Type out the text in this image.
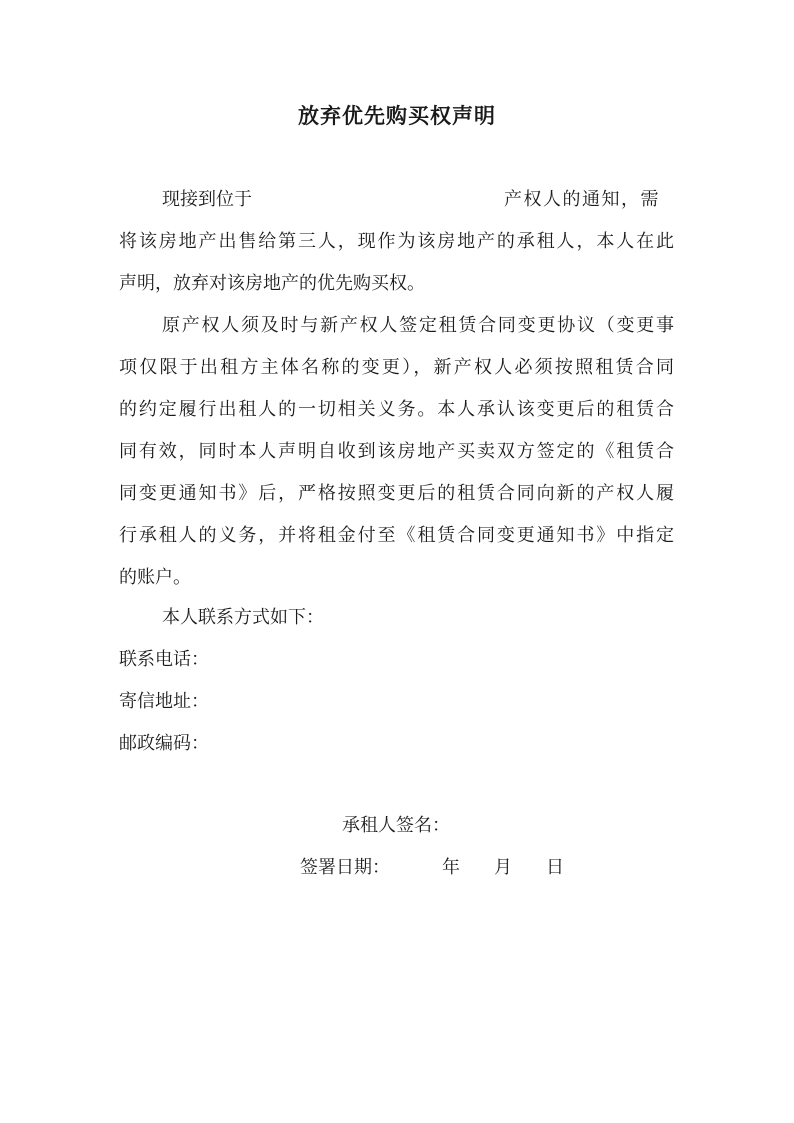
放弃优先购买权声明
现接到位于	产权人的通知，需
将该房地产出售给第三人，现作为该房地产的承租人，本人在此
声明，放弃对该房地产的优先购买权。
原产权人须及时与新产权人签定租赁合同变更协议（变更事
项仅限于出租方主体名称的变更），新产权人必须按照租赁合同
的约定履行出租人的一切相关义务。本人承认该变更后的租赁合
同有效，同时本人声明自收到该房地产买卖双方签定的《租赁合
同变更通知书》后，严格按照变更后的租赁合同向新的产权人履
行承租人的义务，并将租金付至《租赁合同变更通知书》中指定
的账户。
本人联系方式如下：
联系电话：
寄信地址：
邮政编码：
承租人签名：
签署日期：	年 月 日
